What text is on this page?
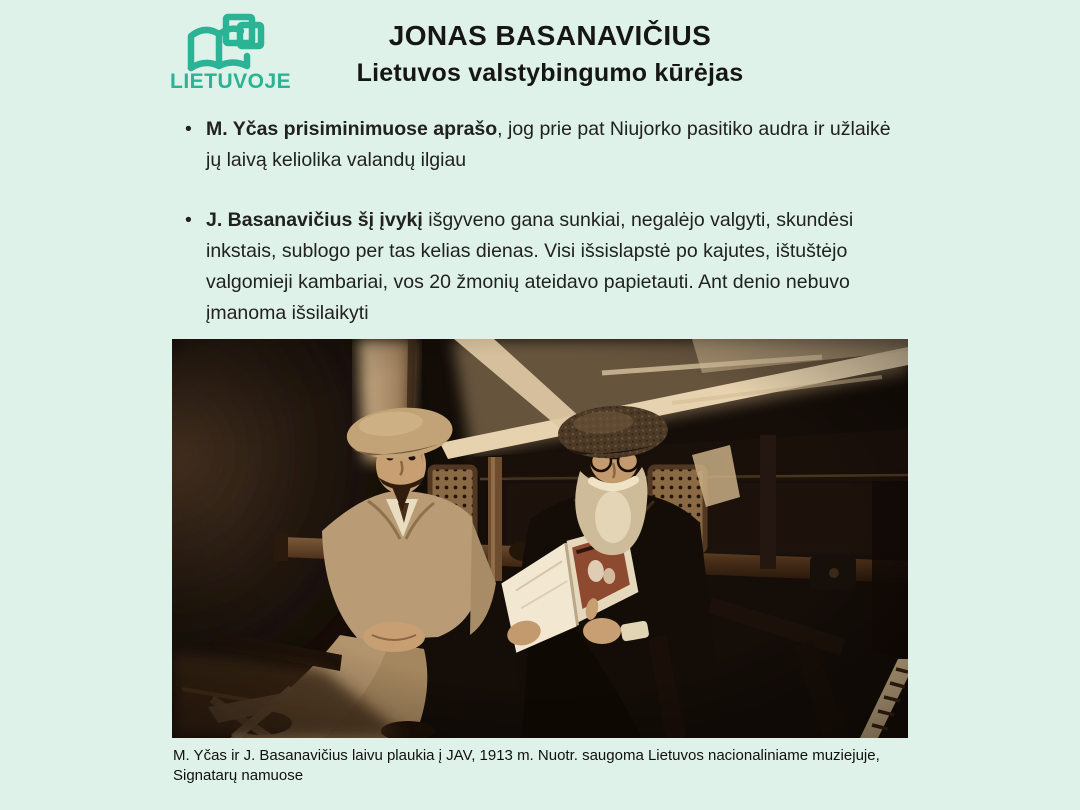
LIETUVOJE
JONAS BASANAVIČIUS
Lietuvos valstybingumo kūrėjas
• M. Yčas prisiminimuose aprašo, jog prie pat Niujorko pasitiko audra ir užlaikė jų laivą keliolika valandų ilgiau
• J. Basanavičius šį įvykį išgyveno gana sunkiai, negalėjo valgyti, skundėsi inkstais, sublogo per tas kelias dienas. Visi išsislapstė po kajutes, ištuštėjo valgomieji kambariai, vos 20 žmonių ateidavo papietauti. Ant denio nebuvo įmanoma išsilaikyti

M. Yčas ir J. Basanavičius laivu plaukia į JAV, 1913 m. Nuotr. saugoma Lietuvos nacionaliniame muziejuje, Signatarų namuose
